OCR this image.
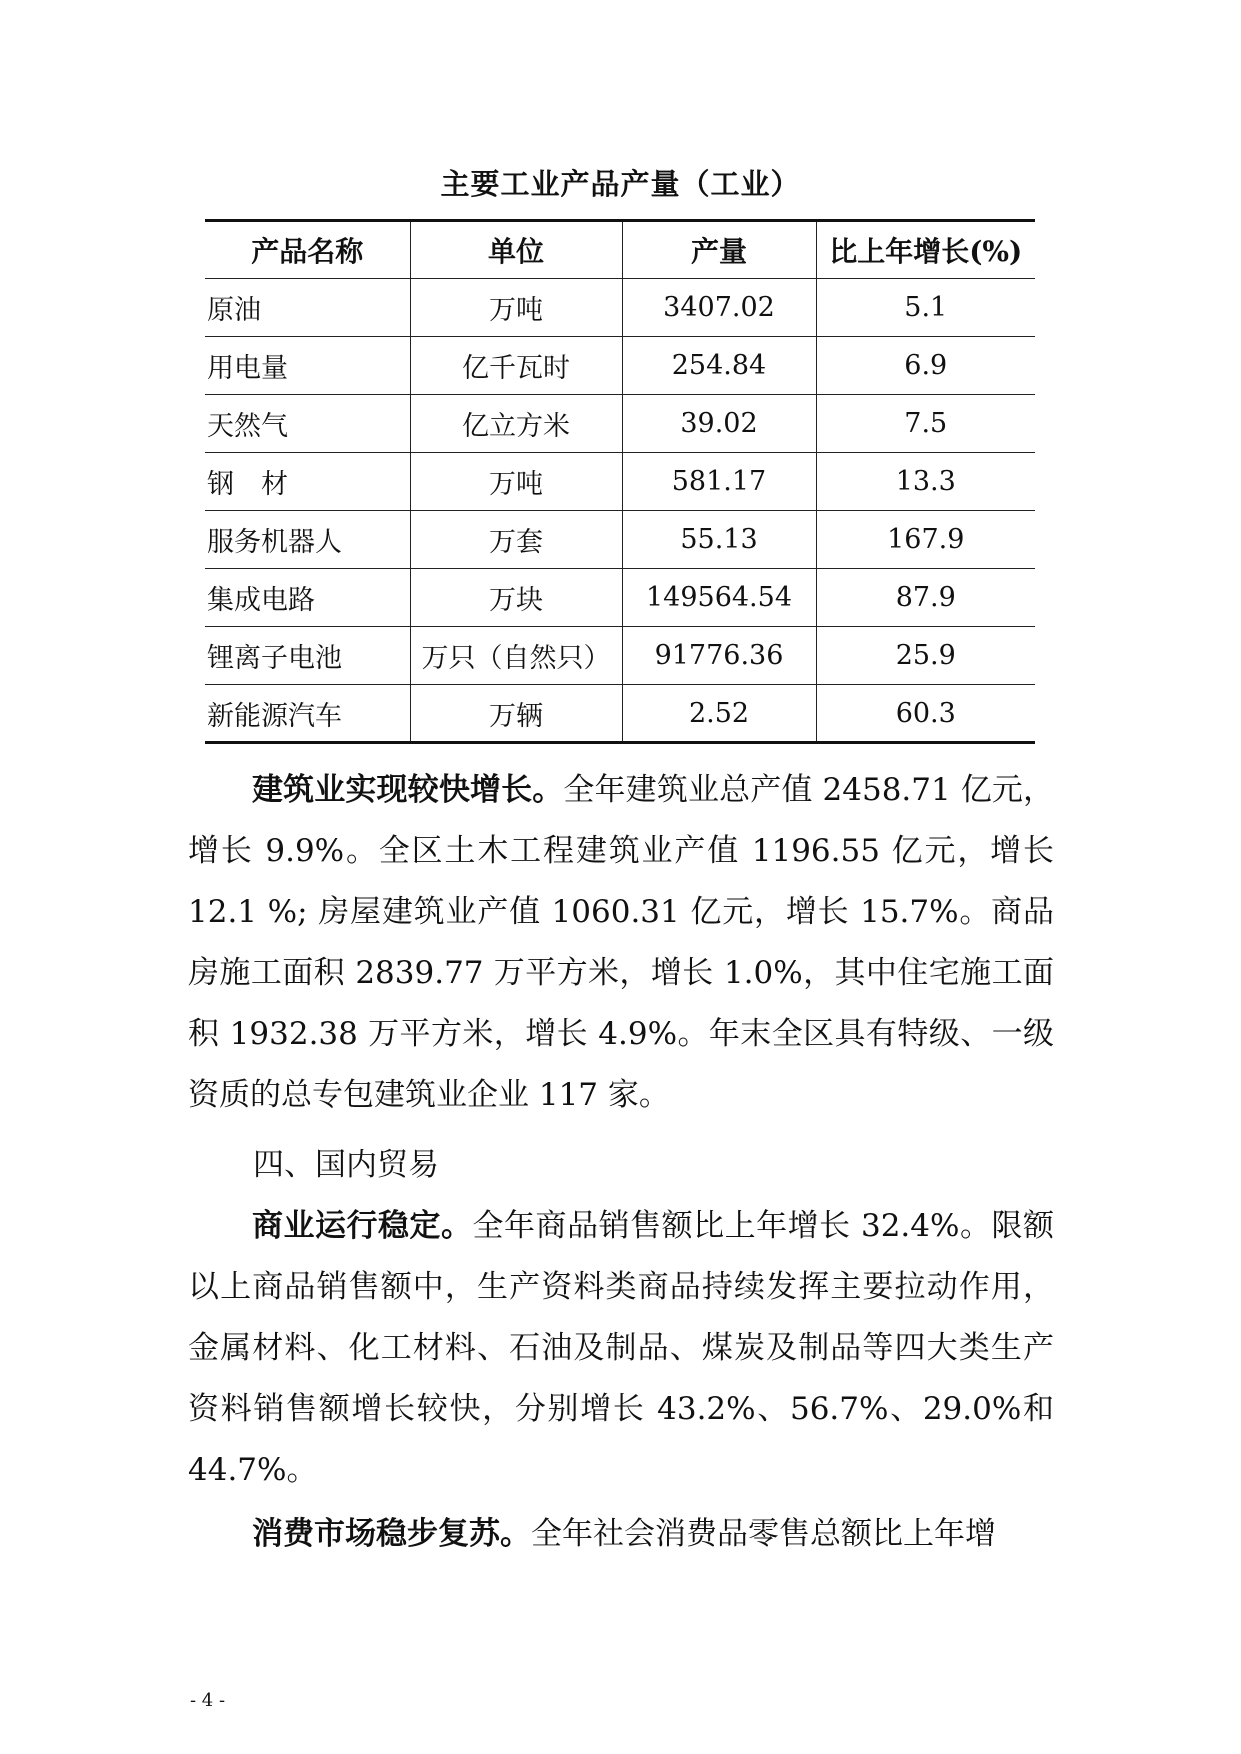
主要工业产品产量（工业）
产品名称	单位	产量	比上年增长(%)
原油	万吨	3407.02	5.1
用电量	亿千瓦时	254.84	6.9
天然气	亿立方米	39.02	7.5
钢　材	万吨	581.17	13.3
服务机器人	万套	55.13	167.9
集成电路	万块	149564.54	87.9
锂离子电池	万只（自然只）	91776.36	25.9
新能源汽车	万辆	2.52	60.3

建筑业实现较快增长。全年建筑业总产值 2458.71 亿元，增长 9.9%。全区土木工程建筑业产值 1196.55 亿元，增长 12.1 %; 房屋建筑业产值 1060.31 亿元，增长 15.7%。商品房施工面积 2839.77 万平方米，增长 1.0%，其中住宅施工面积 1932.38 万平方米，增长 4.9%。年末全区具有特级、一级资质的总专包建筑业企业 117 家。

四、国内贸易

商业运行稳定。全年商品销售额比上年增长 32.4%。限额以上商品销售额中，生产资料类商品持续发挥主要拉动作用，金属材料、化工材料、石油及制品、煤炭及制品等四大类生产资料销售额增长较快，分别增长 43.2%、56.7%、29.0%和 44.7%。

消费市场稳步复苏。全年社会消费品零售总额比上年增

- 4 -
